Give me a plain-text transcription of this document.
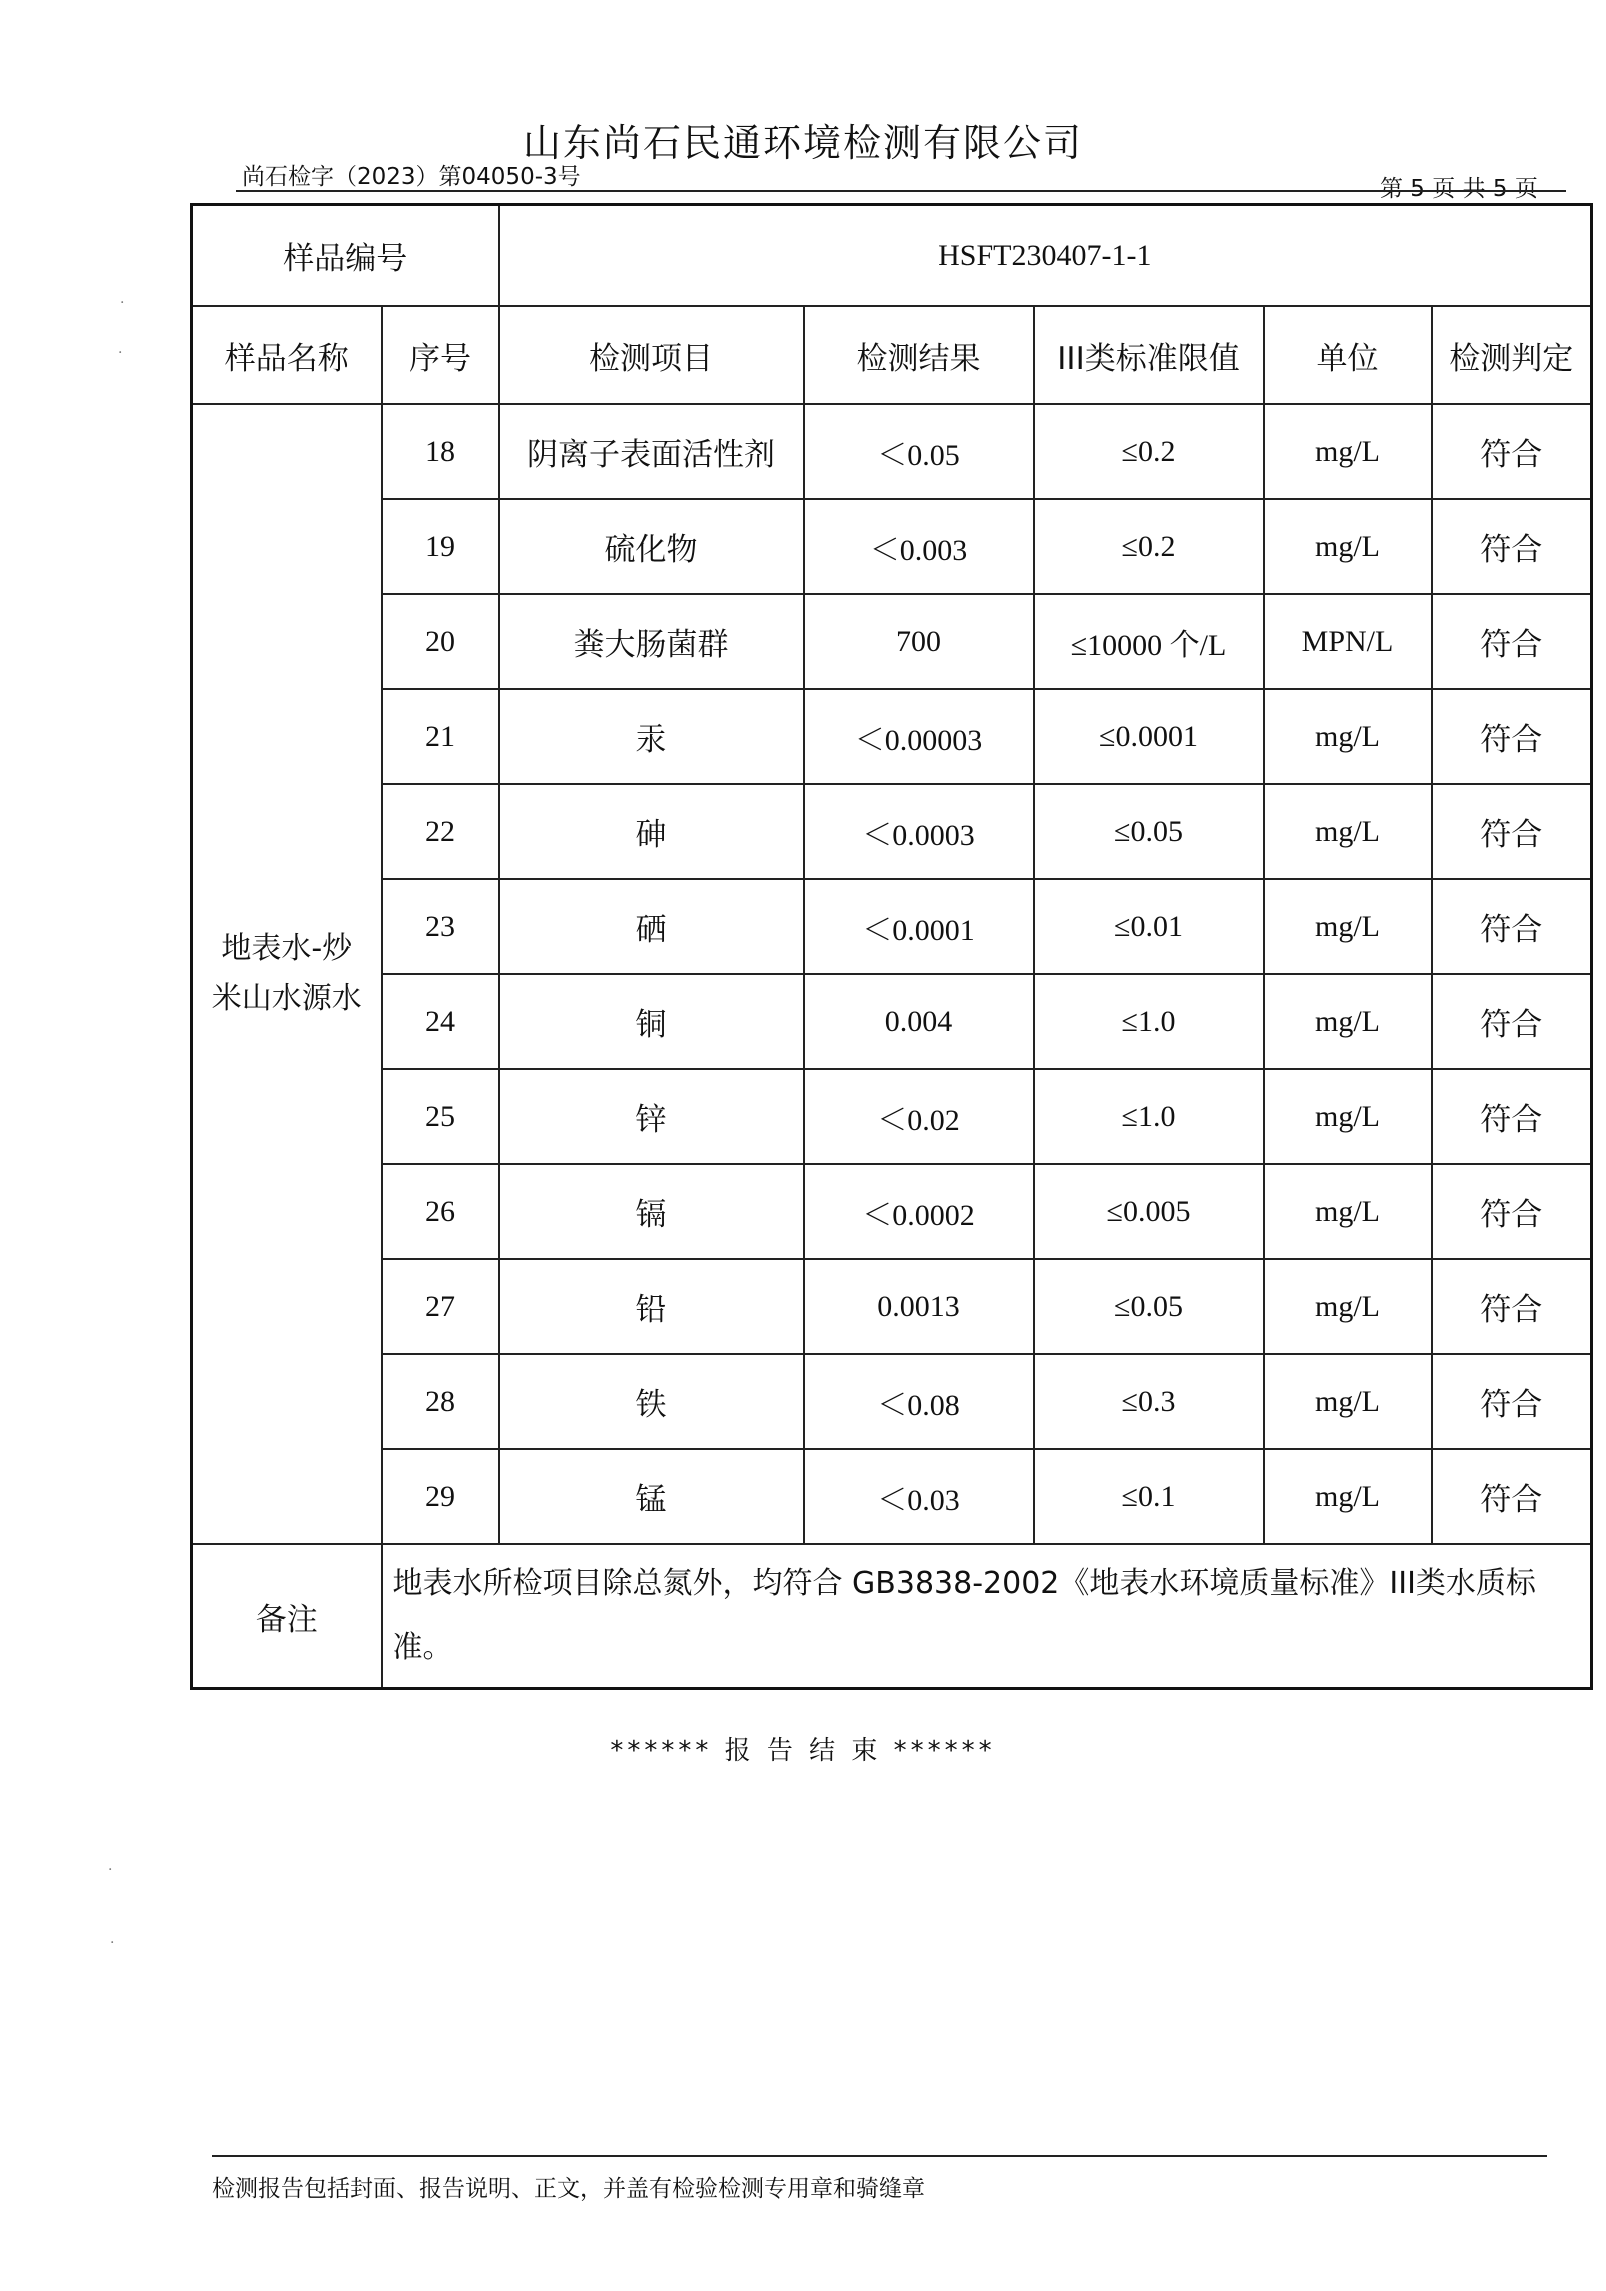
山东尚石民通环境检测有限公司
尚石检字（2023）第04050-3号	第 5 页 共 5 页
样品编号		HSFT230407-1-1				
样品名称	序号	检测项目	检测结果	III类标准限值	单位	检测判定
地表水-炒米山水源水	18	阴离子表面活性剂	＜0.05	≤0.2	mg/L	符合
	19	硫化物	＜0.003	≤0.2	mg/L	符合
	20	粪大肠菌群	700	≤10000 个/L	MPN/L	符合
	21	汞	＜0.00003	≤0.0001	mg/L	符合
	22	砷	＜0.0003	≤0.05	mg/L	符合
	23	硒	＜0.0001	≤0.01	mg/L	符合
	24	铜	0.004	≤1.0	mg/L	符合
	25	锌	＜0.02	≤1.0	mg/L	符合
	26	镉	＜0.0002	≤0.005	mg/L	符合
	27	铅	0.0013	≤0.05	mg/L	符合
	28	铁	＜0.08	≤0.3	mg/L	符合
	29	锰	＜0.03	≤0.1	mg/L	符合
备注	地表水所检项目除总氮外，均符合 GB3838-2002《地表水环境质量标准》III类水质标准。					
****** 报 告 结 束 ******
检测报告包括封面、报告说明、正文，并盖有检验检测专用章和骑缝章
·
·
·
·
